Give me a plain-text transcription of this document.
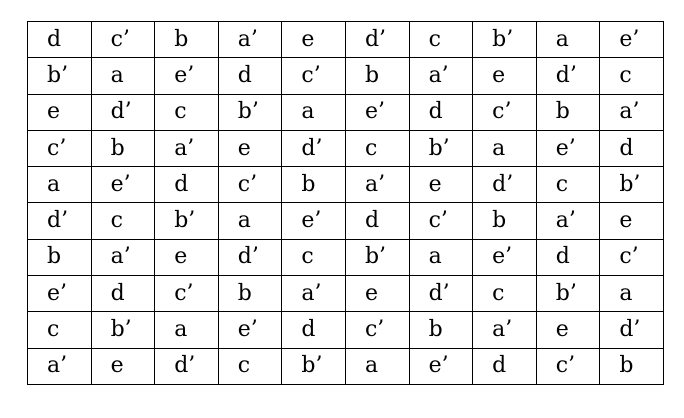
d	c’	b	a’	e	d’	c	b’	a	e’
b’	a	e’	d	c’	b	a’	e	d’	c
e	d’	c	b’	a	e’	d	c’	b	a’
c’	b	a’	e	d’	c	b’	a	e’	d
a	e’	d	c’	b	a’	e	d’	c	b’
d’	c	b’	a	e’	d	c’	b	a’	e
b	a’	e	d’	c	b’	a	e’	d	c’
e’	d	c’	b	a’	e	d’	c	b’	a
c	b’	a	e’	d	c’	b	a’	e	d’
a’	e	d’	c	b’	a	e’	d	c’	b
